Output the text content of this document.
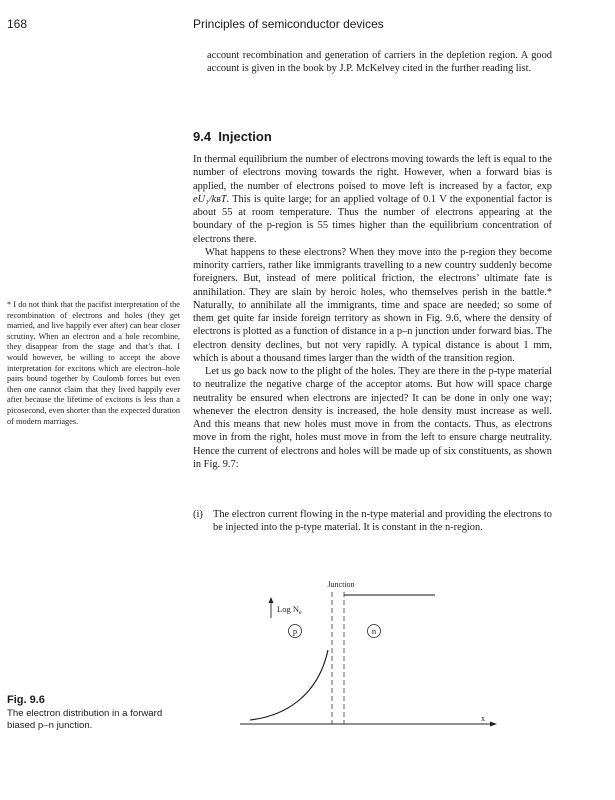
168	Principles of semiconductor devices

account recombination and generation of carriers in the depletion region. A good account is given in the book by J.P. McKelvey cited in the further reading list.

9.4 Injection

In thermal equilibrium the number of electrons moving towards the left is equal to the number of electrons moving towards the right. However, when a forward bias is applied, the number of electrons poised to move left is increased by a factor, exp eU₁/kʙT. This is quite large; for an applied voltage of 0.1 V the exponential factor is about 55 at room temperature. Thus the number of electrons appearing at the boundary of the p-region is 55 times higher than the equilibrium concentration of electrons there.

What happens to these electrons? When they move into the p-region they become minority carriers, rather like immigrants travelling to a new country suddenly become foreigners. But, instead of mere political friction, the electrons’ ultimate fate is annihilation. They are slain by heroic holes, who themselves perish in the battle.* Naturally, to annihilate all the immigrants, time and space are needed; so some of them get quite far inside foreign territory as shown in Fig. 9.6, where the density of electrons is plotted as a function of distance in a p–n junction under forward bias. The electron density declines, but not very rapidly. A typical distance is about 1 mm, which is about a thousand times larger than the width of the transition region.

Let us go back now to the plight of the holes. They are there in the p-type material to neutralize the negative charge of the acceptor atoms. But how will space charge neutrality be ensured when electrons are injected? It can be done in only one way; whenever the electron density is increased, the hole density must increase as well. And this means that new holes must move in from the contacts. Thus, as electrons move in from the right, holes must move in from the left to ensure charge neutrality. Hence the current of electrons and holes will be made up of six constituents, as shown in Fig. 9.7:

(i) The electron current flowing in the n-type material and providing the electrons to be injected into the p-type material. It is constant in the n-region.

* I do not think that the pacifist interpretation of the recombination of electrons and holes (they get married, and live happily ever after) can bear closer scrutiny. When an electron and a hole recombine, they disappear from the stage and that’s that. I would however, be willing to accept the above interpretation for excitons which are electron–hole pairs bound together by Coulomb forces but even then one cannot claim that they lived happily ever after because the lifetime of excitons is less than a picosecond, even shorter than the expected duration of modern marriages.

Fig. 9.6
The electron distribution in a forward biased p–n junction.
Junction
Log $N_e$
p	n
x
